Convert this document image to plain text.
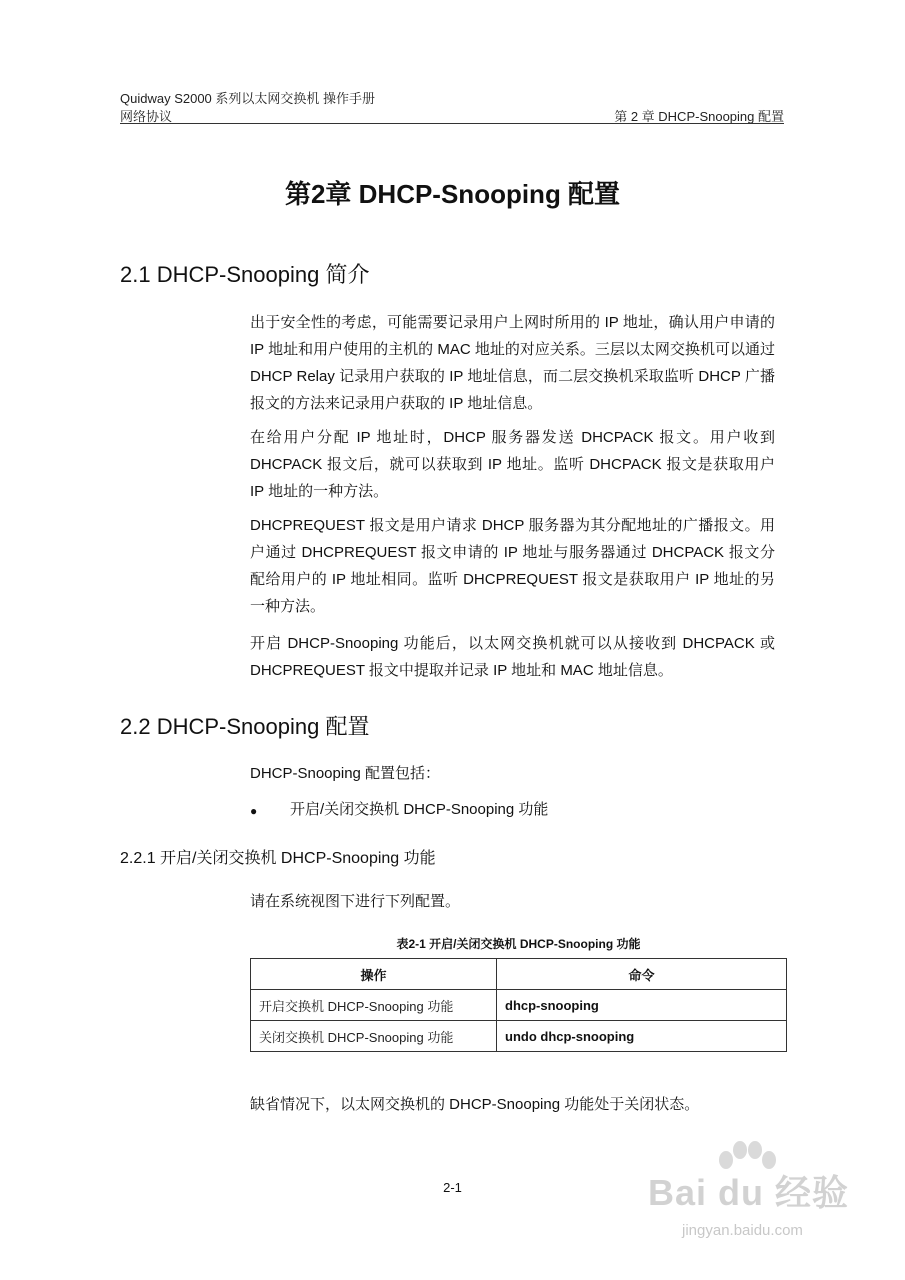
Quidway S2000 系列以太网交换机 操作手册
网络协议	第 2 章 DHCP-Snooping 配置
第2章 DHCP-Snooping 配置
2.1 DHCP-Snooping 简介
出于安全性的考虑，可能需要记录用户上网时所用的 IP 地址，确认用户申请的 IP 地址和用户使用的主机的 MAC 地址的对应关系。三层以太网交换机可以通过 DHCP Relay 记录用户获取的 IP 地址信息，而二层交换机采取监听 DHCP 广播报文的方法来记录用户获取的 IP 地址信息。
在给用户分配 IP 地址时，DHCP 服务器发送 DHCPACK 报文。用户收到 DHCPACK 报文后，就可以获取到 IP 地址。监听 DHCPACK 报文是获取用户 IP 地址的一种方法。
DHCPREQUEST 报文是用户请求 DHCP 服务器为其分配地址的广播报文。用户通过 DHCPREQUEST 报文申请的 IP 地址与服务器通过 DHCPACK 报文分配给用户的 IP 地址相同。监听 DHCPREQUEST 报文是获取用户 IP 地址的另一种方法。
开启 DHCP-Snooping 功能后，以太网交换机就可以从接收到 DHCPACK 或 DHCPREQUEST 报文中提取并记录 IP 地址和 MAC 地址信息。
2.2 DHCP-Snooping 配置
DHCP-Snooping 配置包括：
● 开启/关闭交换机 DHCP-Snooping 功能
2.2.1 开启/关闭交换机 DHCP-Snooping 功能
请在系统视图下进行下列配置。
表2-1 开启/关闭交换机 DHCP-Snooping 功能
操作	命令
开启交换机 DHCP-Snooping 功能	dhcp-snooping
关闭交换机 DHCP-Snooping 功能	undo dhcp-snooping
缺省情况下，以太网交换机的 DHCP-Snooping 功能处于关闭状态。
2-1	Bai du 经验
jingyan.baidu.com
